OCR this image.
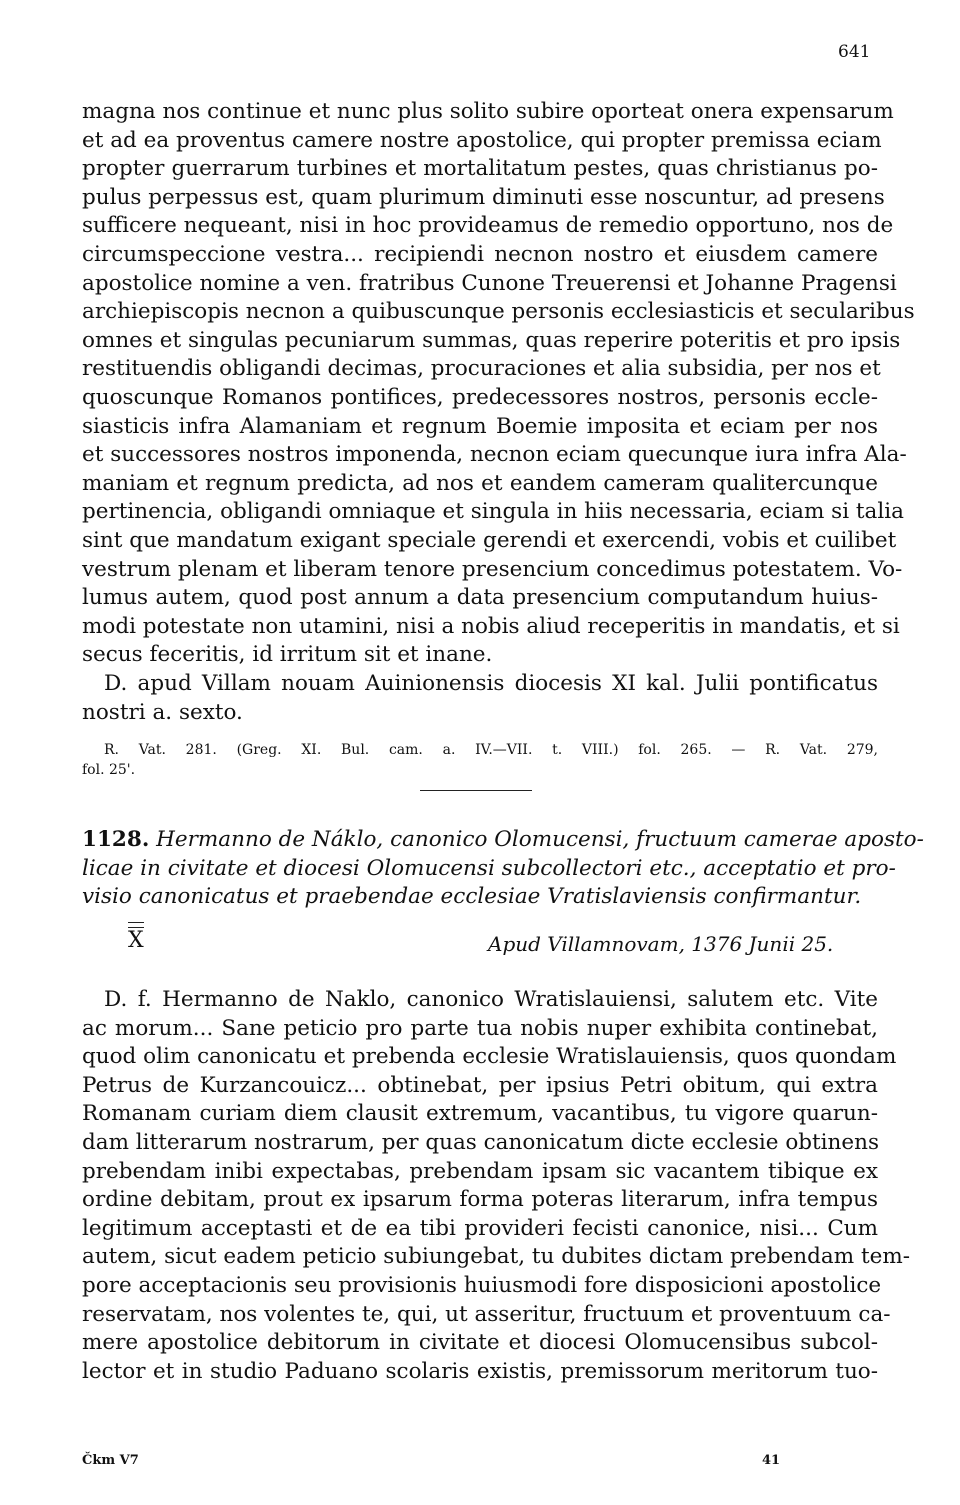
641
magna nos continue et nunc plus solito subire oporteat onera expensarum
et ad ea proventus camere nostre apostolice, qui propter premissa eciam
propter guerrarum turbines et mortalitatum pestes, quas christianus po-
pulus perpessus est, quam plurimum diminuti esse noscuntur, ad presens
sufficere nequeant, nisi in hoc provideamus de remedio opportuno, nos de
circumspeccione vestra... recipiendi necnon nostro et eiusdem camere
apostolice nomine a ven. fratribus Cunone Treuerensi et Johanne Pragensi
archiepiscopis necnon a quibuscunque personis ecclesiasticis et secularibus
omnes et singulas pecuniarum summas, quas reperire poteritis et pro ipsis
restituendis obligandi decimas, procuraciones et alia subsidia, per nos et
quoscunque Romanos pontifices, predecessores nostros, personis eccle-
siasticis infra Alamaniam et regnum Boemie imposita et eciam per nos
et successores nostros imponenda, necnon eciam quecunque iura infra Ala-
maniam et regnum predicta, ad nos et eandem cameram qualitercunque
pertinencia, obligandi omniaque et singula in hiis necessaria, eciam si talia
sint que mandatum exigant speciale gerendi et exercendi, vobis et cuilibet
vestrum plenam et liberam tenore presencium concedimus potestatem. Vo-
lumus autem, quod post annum a data presencium computandum huius-
modi potestate non utamini, nisi a nobis aliud receperitis in mandatis, et si
secus feceritis, id irritum sit et inane.
D. apud Villam nouam Auinionensis diocesis XI kal. Julii pontificatus
nostri a. sexto.
R. Vat. 281. (Greg. XI. Bul. cam. a. IV.—VII. t. VIII.) fol. 265. — R. Vat. 279,
fol. 25'.
1128. Hermanno de Náklo, canonico Olomucensi, fructuum camerae aposto-
licae in civitate et diocesi Olomucensi subcollectori etc., acceptatio et pro-
visio canonicatus et praebendae ecclesiae Vratislaviensis confirmantur.
X	Apud Villamnovam, 1376 Junii 25.
D. f. Hermanno de Naklo, canonico Wratislauiensi, salutem etc. Vite
ac morum... Sane peticio pro parte tua nobis nuper exhibita continebat,
quod olim canonicatu et prebenda ecclesie Wratislauiensis, quos quondam
Petrus de Kurzancouicz... obtinebat, per ipsius Petri obitum, qui extra
Romanam curiam diem clausit extremum, vacantibus, tu vigore quarun-
dam litterarum nostrarum, per quas canonicatum dicte ecclesie obtinens
prebendam inibi expectabas, prebendam ipsam sic vacantem tibique ex
ordine debitam, prout ex ipsarum forma poteras literarum, infra tempus
legitimum acceptasti et de ea tibi provideri fecisti canonice, nisi... Cum
autem, sicut eadem peticio subiungebat, tu dubites dictam prebendam tem-
pore acceptacionis seu provisionis huiusmodi fore disposicioni apostolice
reservatam, nos volentes te, qui, ut asseritur, fructuum et proventuum ca-
mere apostolice debitorum in civitate et diocesi Olomucensibus subcol-
lector et in studio Paduano scolaris existis, premissorum meritorum tuo-
Čkm V7	41
